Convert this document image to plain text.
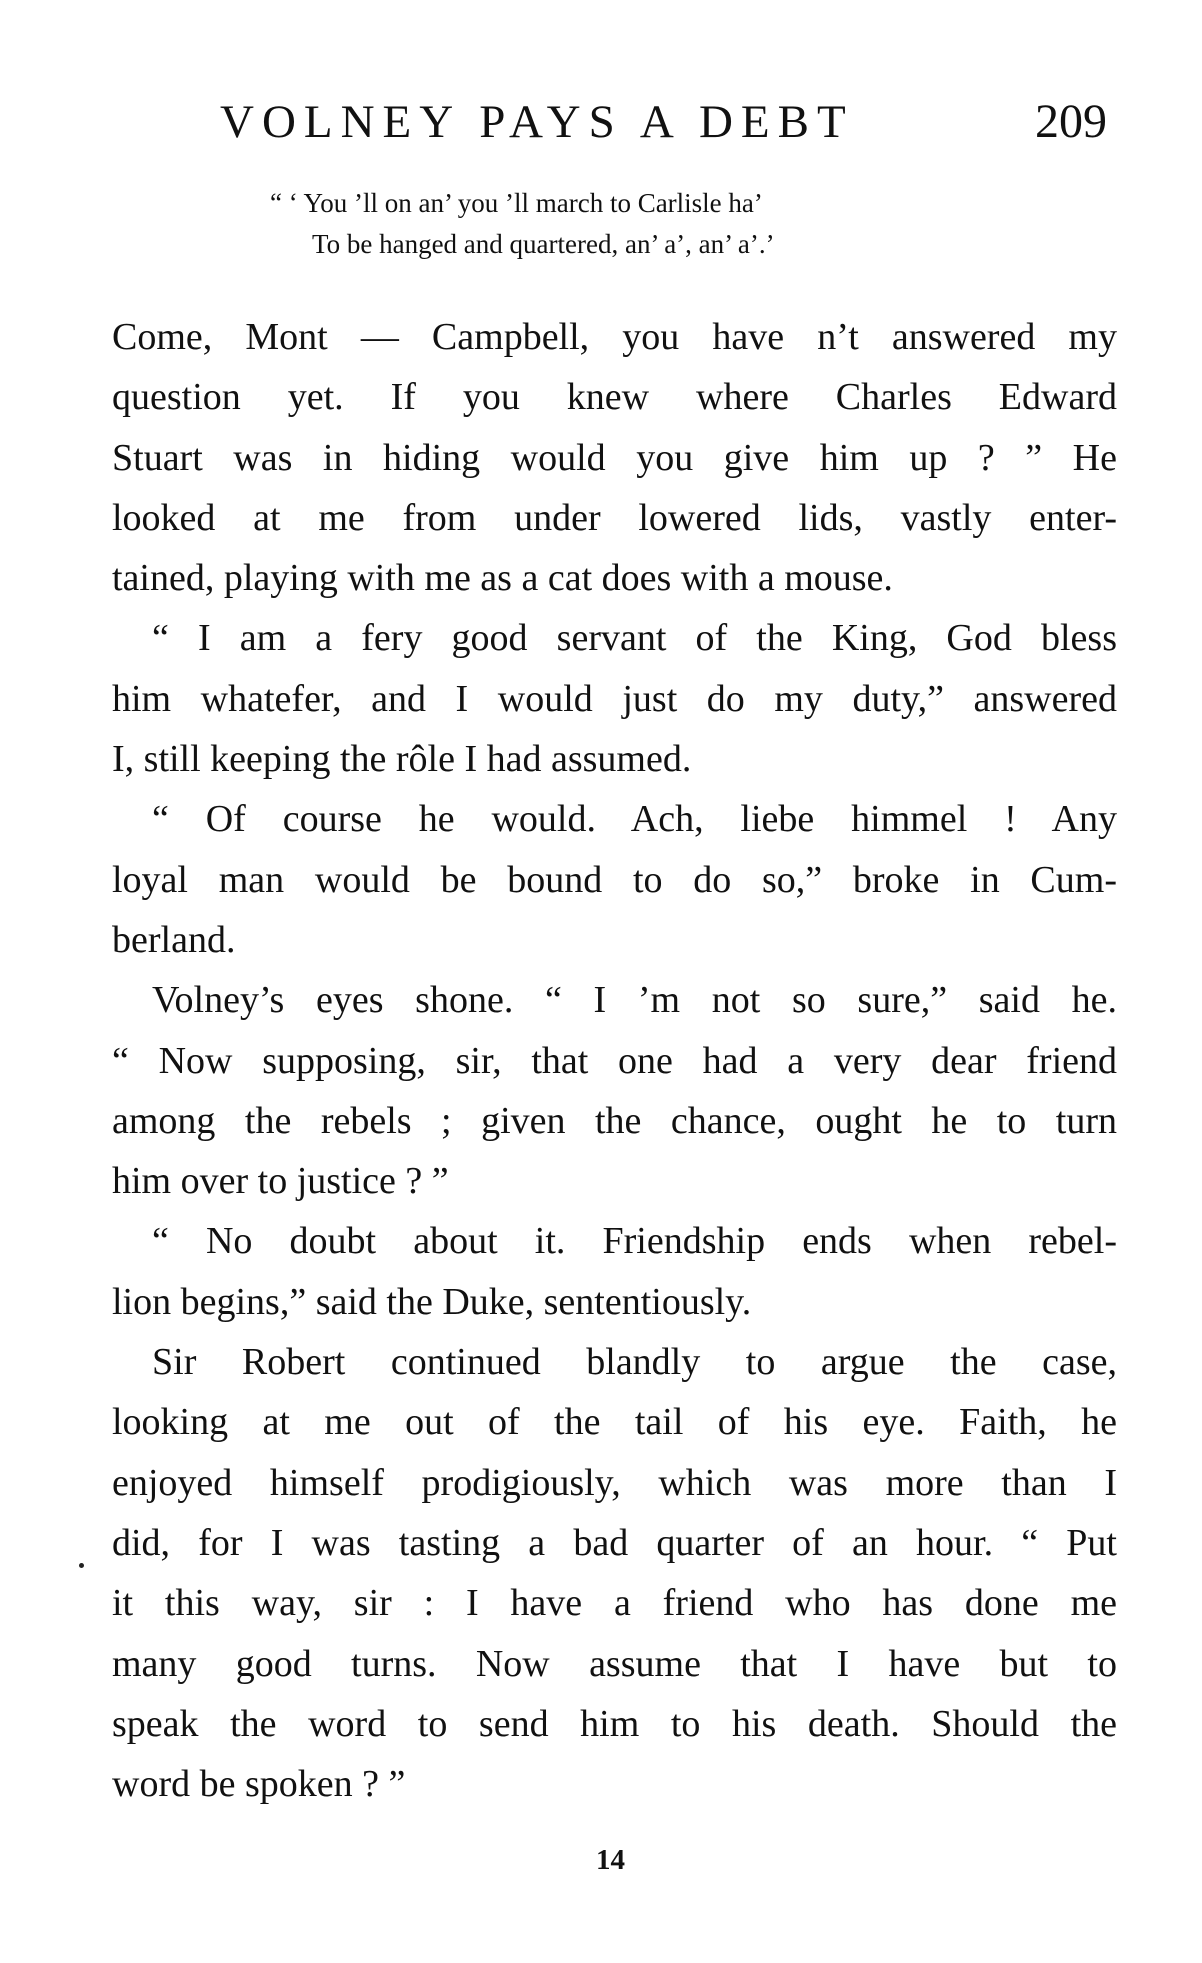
VOLNEY PAYS A DEBT	209
“ ‘ You ’ll on an’ you ’ll march to Carlisle ha’
To be hanged and quartered, an’ a’, an’ a’.’
Come, Mont — Campbell, you have n’t answered my
question yet. If you knew where Charles Edward
Stuart was in hiding would you give him up ? ” He
looked at me from under lowered lids, vastly enter-
tained, playing with me as a cat does with a mouse.
“ I am a fery good servant of the King, God bless
him whatefer, and I would just do my duty,” answered
I, still keeping the rôle I had assumed.
“ Of course he would. Ach, liebe himmel ! Any
loyal man would be bound to do so,” broke in Cum-
berland.
Volney’s eyes shone. “ I ’m not so sure,” said he.
“ Now supposing, sir, that one had a very dear friend
among the rebels ; given the chance, ought he to turn
him over to justice ? ”
“ No doubt about it. Friendship ends when rebel-
lion begins,” said the Duke, sententiously.
Sir Robert continued blandly to argue the case,
looking at me out of the tail of his eye. Faith, he
enjoyed himself prodigiously, which was more than I
did, for I was tasting a bad quarter of an hour. “ Put
it this way, sir : I have a friend who has done me
many good turns. Now assume that I have but to
speak the word to send him to his death. Should the
word be spoken ? ”
14
